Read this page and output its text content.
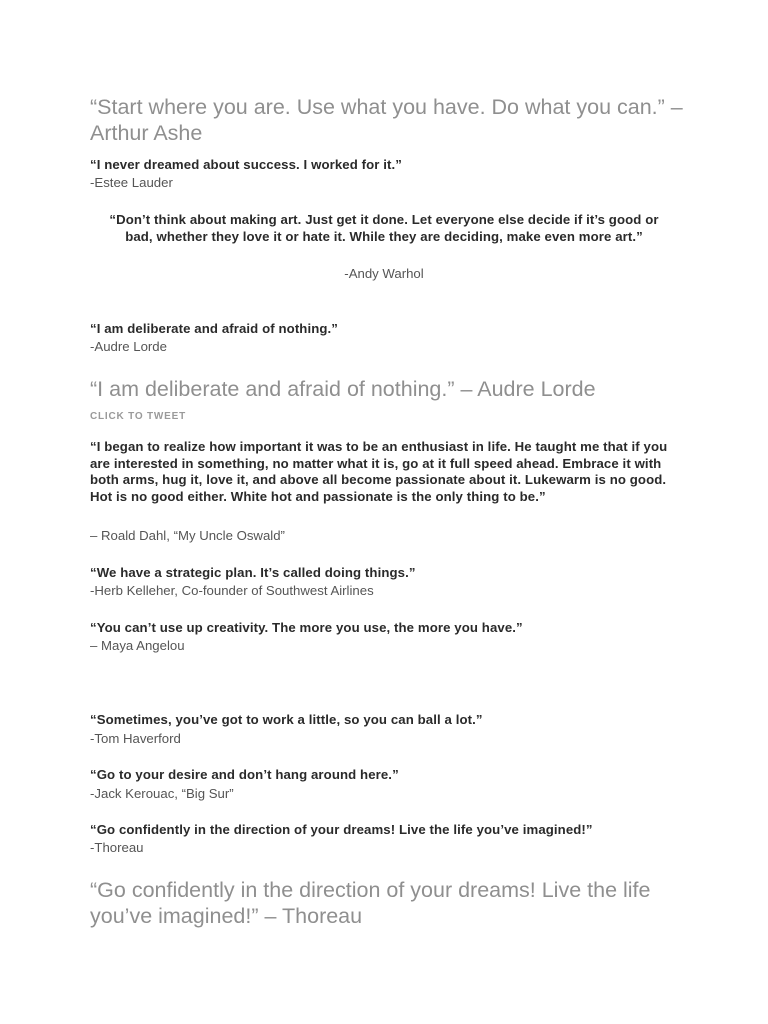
“Start where you are. Use what you have. Do what you can.” – Arthur Ashe

“I never dreamed about success. I worked for it.”

-Estee Lauder

“Don’t think about making art. Just get it done. Let everyone else decide if it’s good or bad, whether they love it or hate it. While they are deciding, make even more art.”

-Andy Warhol

“I am deliberate and afraid of nothing.”

-Audre Lorde

“I am deliberate and afraid of nothing.” – Audre Lorde

CLICK TO TWEET

“I began to realize how important it was to be an enthusiast in life. He taught me that if you are interested in something, no matter what it is, go at it full speed ahead. Embrace it with both arms, hug it, love it, and above all become passionate about it. Lukewarm is no good. Hot is no good either. White hot and passionate is the only thing to be.”

– Roald Dahl, “My Uncle Oswald”

“We have a strategic plan. It’s called doing things.”

-Herb Kelleher, Co-founder of Southwest Airlines

“You can’t use up creativity. The more you use, the more you have.”

– Maya Angelou

“Sometimes, you’ve got to work a little, so you can ball a lot.”

-Tom Haverford

“Go to your desire and don’t hang around here.”

-Jack Kerouac, “Big Sur”

“Go confidently in the direction of your dreams! Live the life you’ve imagined!”

-Thoreau

“Go confidently in the direction of your dreams! Live the life you’ve imagined!” – Thoreau
